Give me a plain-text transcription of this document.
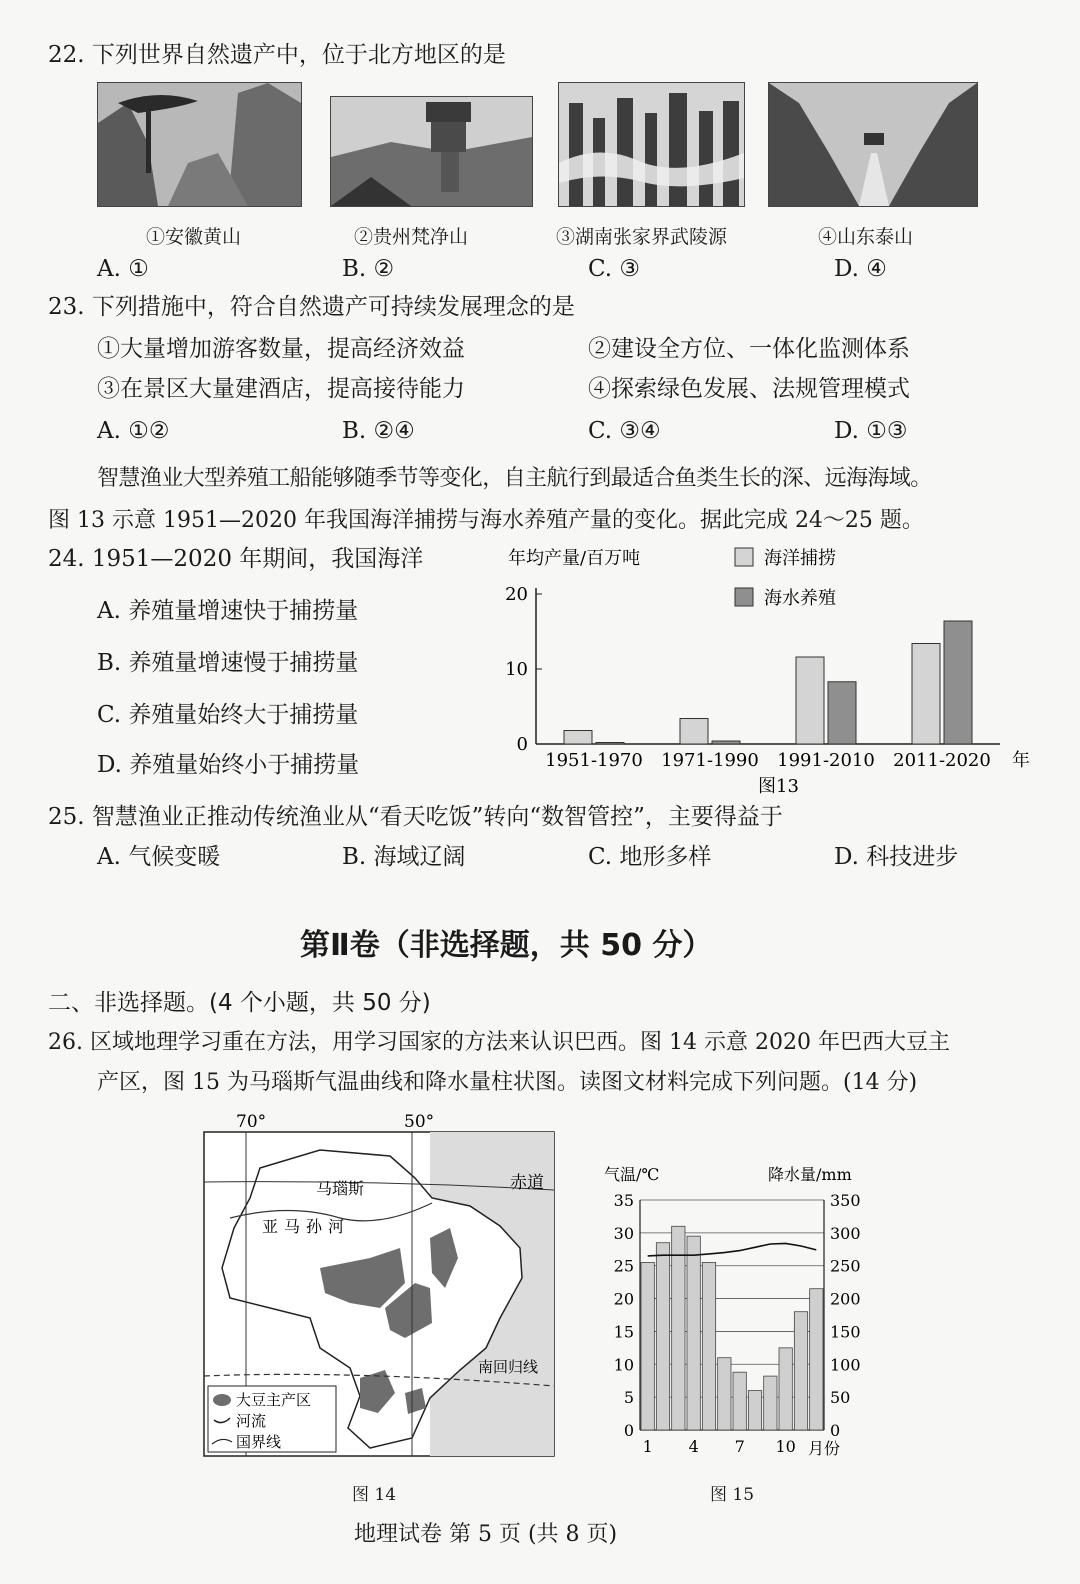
22. 下列世界自然遗产中，位于北方地区的是
①安徽黄山	②贵州梵净山	③湖南张家界武陵源	④山东泰山
A. ①	B. ②	C. ③	D. ④
23. 下列措施中，符合自然遗产可持续发展理念的是
①大量增加游客数量，提高经济效益	②建设全方位、一体化监测体系
③在景区大量建酒店，提高接待能力	④探索绿色发展、法规管理模式
A. ①②	B. ②④	C. ③④	D. ①③
智慧渔业大型养殖工船能够随季节等变化，自主航行到最适合鱼类生长的深、远海海域。
图 13 示意 1951—2020 年我国海洋捕捞与海水养殖产量的变化。据此完成 24～25 题。
24. 1951—2020 年期间，我国海洋
A. 养殖量增速快于捕捞量
B. 养殖量增速慢于捕捞量
C. 养殖量始终大于捕捞量
D. 养殖量始终小于捕捞量
年均产量/百万吨	海洋捕捞
海水养殖
0
10
20
1951-1970 1971-1990 1991-2010 2011-2020 年
图13
25. 智慧渔业正推动传统渔业从“看天吃饭”转向“数智管控”，主要得益于
A. 气候变暖	B. 海域辽阔	C. 地形多样	D. 科技进步
第Ⅱ卷（非选择题，共 50 分）
二、非选择题。(4 个小题，共 50 分)
26. 区域地理学习重在方法，用学习国家的方法来认识巴西。图 14 示意 2020 年巴西大豆主
产区，图 15 为马瑙斯气温曲线和降水量柱状图。读图文材料完成下列问题。(14 分)
70°	50°
赤道
马瑙斯
亚马孙河
南回归线
大豆主产区
河流
国界线
图 14
气温/℃	降水量/mm
0
5
10
15
20
25
30
35
0
50
100
150
200
250
300
350
1 4 7 10 月份
图 15
地理试卷 第 5 页 (共 8 页)
